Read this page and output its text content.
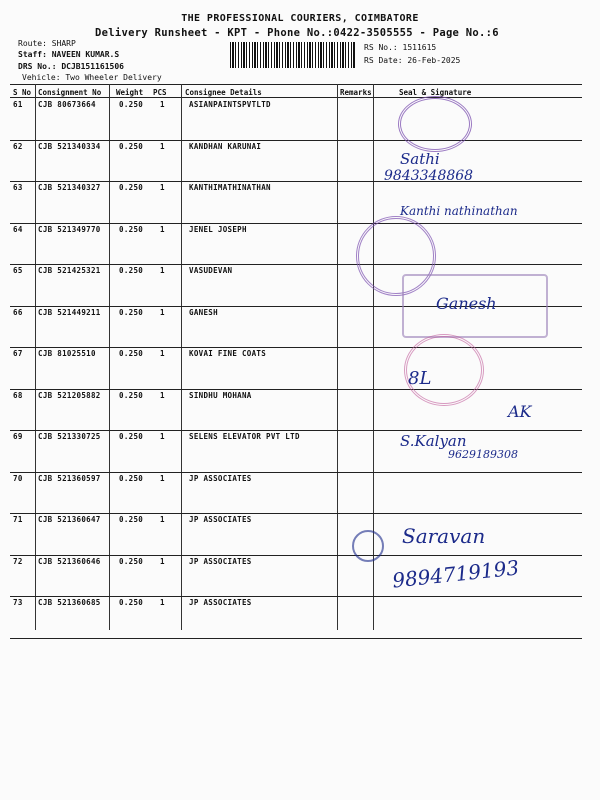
THE PROFESSIONAL COURIERS, COIMBATORE
Delivery Runsheet - KPT - Phone No.:0422-3505555 - Page No.:6
Route: SHARP
Staff: NAVEEN KUMAR.S
DRS No.: DCJB151161506
Vehicle: Two Wheeler Delivery
RS No.: 1511615
RS Date: 26-Feb-2025
S No Consignment No Weight PCS Consignee Details	Remarks	Seal & Signature
61 CJB 80673664	0.250 1	ASIANPAINTSPVTLTD
62 CJB 521340334 0.250 1	KANDHAN KARUNAI
63 CJB 521340327 0.250 1	KANTHIMATHINATHAN
64 CJB 521349770 0.250 1	JENEL JOSEPH
65 CJB 521425321 0.250 1	VASUDEVAN
66 CJB 521449211 0.250 1	GANESH
67 CJB 81025510	0.250 1	KOVAI FINE COATS
68 CJB 521205882 0.250 1	SINDHU MOHANA
69 CJB 521330725 0.250 1	SELENS ELEVATOR PVT LTD
70 CJB 521360597 0.250 1	JP ASSOCIATES
71 CJB 521360647 0.250 1	JP ASSOCIATES
72 CJB 521360646 0.250 1	JP ASSOCIATES
73 CJB 521360685 0.250 1	JP ASSOCIATES
Sathi
9843348868
Kanthi nathinathan
Ganesh
8L
AK
S.Kalyan
9629189308
Saravan
9894719193
